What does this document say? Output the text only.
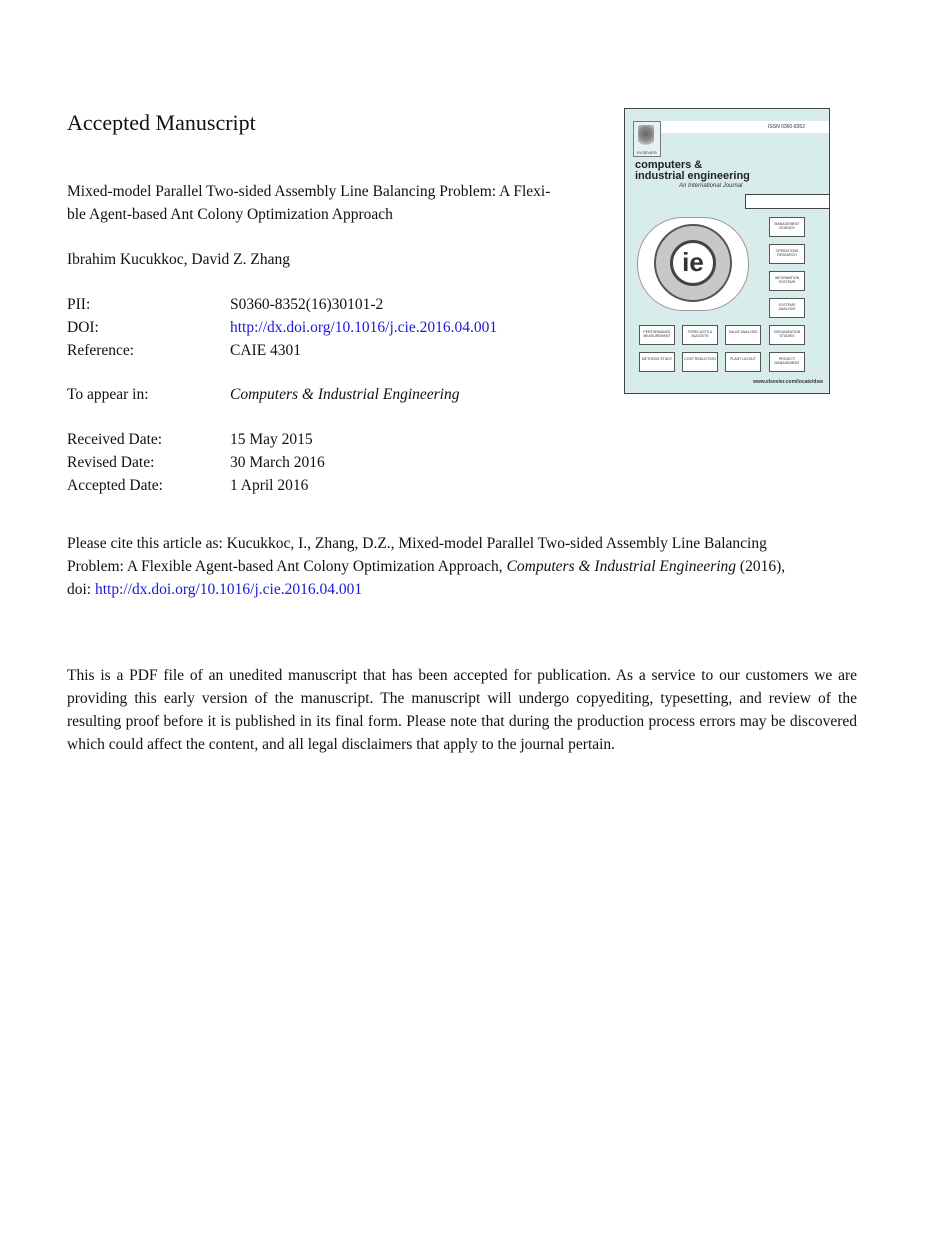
Accepted Manuscript
Mixed-model Parallel Two-sided Assembly Line Balancing Problem: A Flexi-
ble Agent-based Ant Colony Optimization Approach
Ibrahim Kucukkoc, David Z. Zhang
PII:	S0360-8352(16)30101-2
DOI:	http://dx.doi.org/10.1016/j.cie.2016.04.001
Reference:	CAIE 4301
To appear in:	Computers & Industrial Engineering
Received Date:	15 May 2015
Revised Date:	30 March 2016
Accepted Date:	1 April 2016
Please cite this article as: Kucukkoc, I., Zhang, D.Z., Mixed-model Parallel Two-sided Assembly Line Balancing
Problem: A Flexible Agent-based Ant Colony Optimization Approach, Computers & Industrial Engineering (2016),
doi: http://dx.doi.org/10.1016/j.cie.2016.04.001
This is a PDF file of an unedited manuscript that has been accepted for publication. As a service to our customers we are providing this early version of the manuscript. The manuscript will undergo copyediting, typesetting, and review of the resulting proof before it is published in its final form. Please note that during the production process errors may be discovered which could affect the content, and all legal disclaimers that apply to the journal pertain.
ISSN 0360-8352
ELSEVIER
computers &
industrial engineering
An International Journal
ie
MANAGEMENT SCIENCE
OPERATIONS RESEARCH
INFORMATION SYSTEMS
SYSTEMS ANALYSIS
PERFORMANCE MEASUREMENT
FORECASTS & BUDGETS
VALUE ANALYSIS	ORGANIZATION STUDIES
METHODS STUDY	COST REDUCTION	PLANT LAYOUT	PROJECT MANAGEMENT
www.elsevier.com/locate/dsw
